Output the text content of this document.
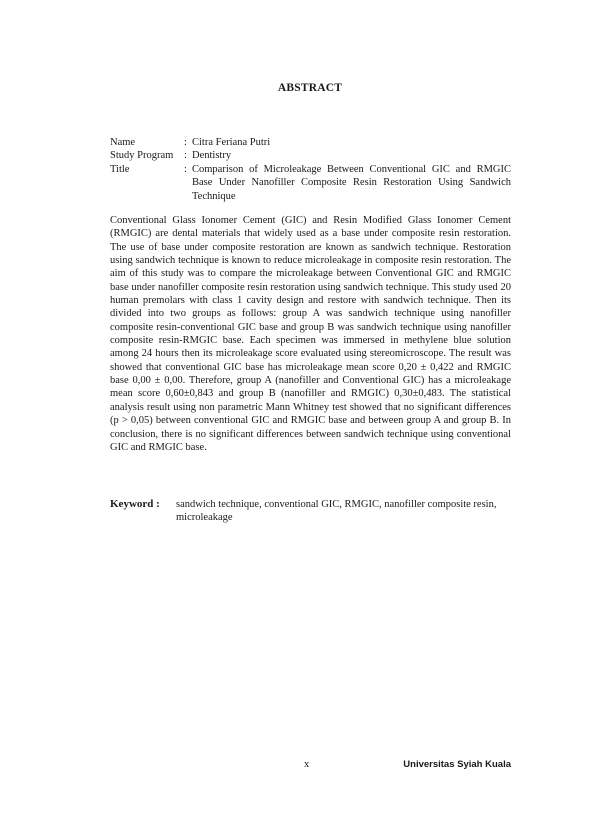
ABSTRACT
Name	: Citra Feriana Putri
Study Program	: Dentistry
Title	: Comparison of Microleakage Between Conventional GIC and RMGIC Base Under Nanofiller Composite Resin Restoration Using Sandwich Technique

Conventional Glass Ionomer Cement (GIC) and Resin Modified Glass Ionomer Cement (RMGIC) are dental materials that widely used as a base under composite resin restoration. The use of base under composite restoration are known as sandwich technique. Restoration using sandwich technique is known to reduce microleakage in composite resin restoration. The aim of this study was to compare the microleakage between Conventional GIC and RMGIC base under nanofiller composite resin restoration using sandwich technique. This study used 20 human premolars with class 1 cavity design and restore with sandwich technique. Then its divided into two groups as follows: group A was sandwich technique using nanofiller composite resin-conventional GIC base and group B was sandwich technique using nanofiller composite resin-RMGIC base. Each specimen was immersed in methylene blue solution among 24 hours then its microleakage score evaluated using stereomicroscope. The result was showed that conventional GIC base has microleakage mean score 0,20 ± 0,422 and RMGIC base 0,00 ± 0,00. Therefore, group A (nanofiller and Conventional GIC) has a microleakage mean score 0,60±0,843 and group B (nanofiller and RMGIC) 0,30±0,483. The statistical analysis result using non parametric Mann Whitney test showed that no significant differences (p > 0,05) between conventional GIC and RMGIC base and between group A and group B. In conclusion, there is no significant differences between sandwich technique using conventional GIC and RMGIC base.

Keyword :	sandwich technique, conventional GIC, RMGIC, nanofiller composite resin, microleakage
x	Universitas Syiah Kuala
